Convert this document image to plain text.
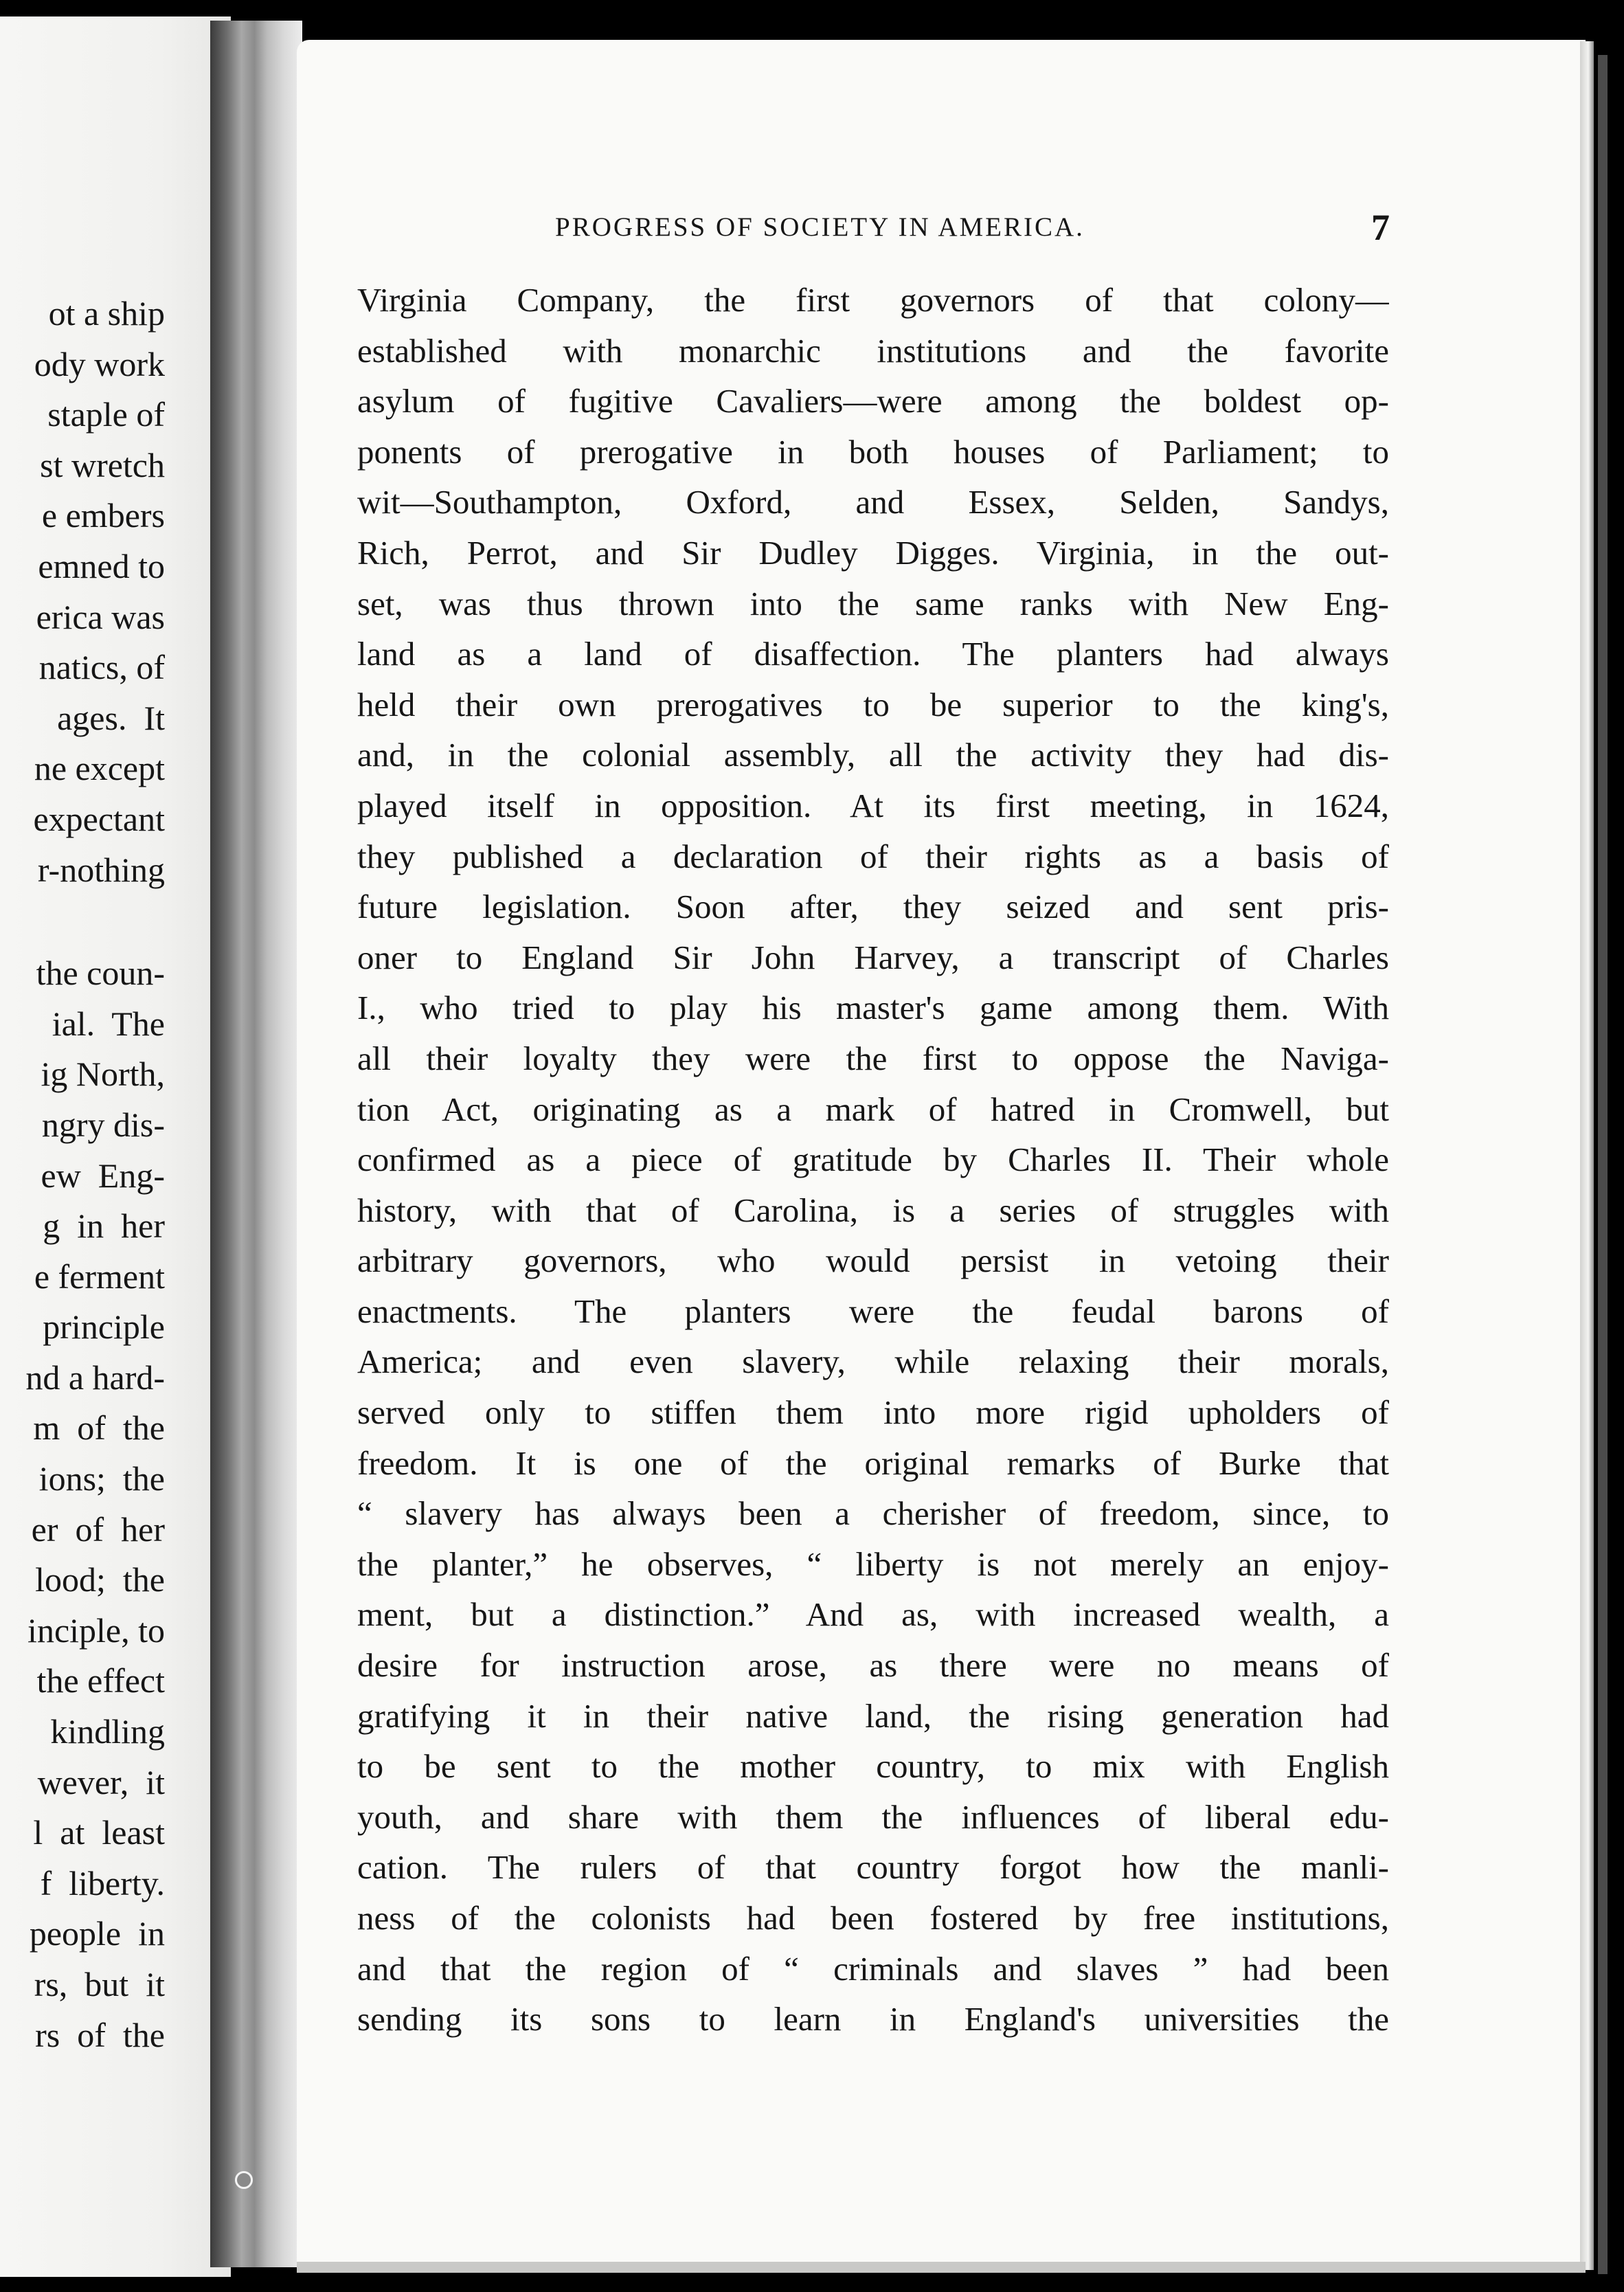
ot a ship
ody work
staple of
st wretch
e embers
emned to
erica was
natics, of
ages.  It
ne except
expectant
r-nothing
the coun-
ial.  The
ig North,
ngry dis-
ew  Eng-
g  in  her
e ferment
principle
nd a hard-
m  of  the
ions;  the
er  of  her
lood;  the
inciple, to
the effect
kindling
wever,  it
l  at  least
f  liberty.
people  in
rs,  but  it
rs  of  the
PROGRESS OF SOCIETY IN AMERICA.	7
Virginia Company, the first governors of that colony—
established with monarchic institutions and the favorite
asylum of fugitive Cavaliers—were among the boldest op-
ponents of prerogative in both houses of Parliament; to
wit—Southampton, Oxford, and Essex, Selden, Sandys,
Rich, Perrot, and Sir Dudley Digges. Virginia, in the out-
set, was thus thrown into the same ranks with New Eng-
land as a land of disaffection. The planters had always
held their own prerogatives to be superior to the king's,
and, in the colonial assembly, all the activity they had dis-
played itself in opposition. At its first meeting, in 1624,
they published a declaration of their rights as a basis of
future legislation. Soon after, they seized and sent pris-
oner to England Sir John Harvey, a transcript of Charles
I., who tried to play his master's game among them. With
all their loyalty they were the first to oppose the Naviga-
tion Act, originating as a mark of hatred in Cromwell, but
confirmed as a piece of gratitude by Charles II. Their whole
history, with that of Carolina, is a series of struggles with
arbitrary governors, who would persist in vetoing their
enactments. The planters were the feudal barons of
America; and even slavery, while relaxing their morals,
served only to stiffen them into more rigid upholders of
freedom. It is one of the original remarks of Burke that
“ slavery has always been a cherisher of freedom, since, to
the planter,” he observes, “ liberty is not merely an enjoy-
ment, but a distinction.” And as, with increased wealth, a
desire for instruction arose, as there were no means of
gratifying it in their native land, the rising generation had
to be sent to the mother country, to mix with English
youth, and share with them the influences of liberal edu-
cation. The rulers of that country forgot how the manli-
ness of the colonists had been fostered by free institutions,
and that the region of “ criminals and slaves ” had been
sending its sons to learn in England's universities the
